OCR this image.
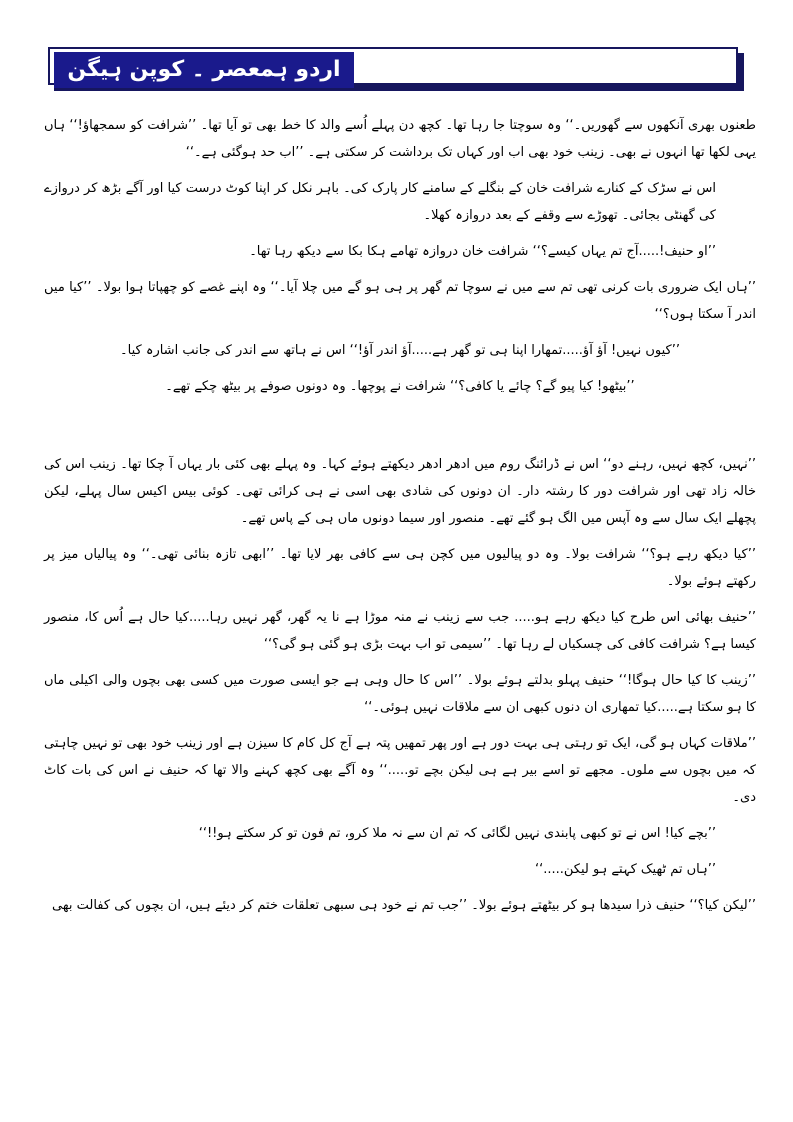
اردو ہمعصر ۔ کوپن ہیگن

طعنوں بھری آنکھوں سے گھوریں۔‘‘ وہ سوچتا جا رہا تھا۔ کچھ دن پہلے اُسے والد کا خط بھی تو آیا تھا۔ ’’شرافت کو سمجھاؤ!‘‘ ہاں یہی لکھا تھا انہوں نے بھی۔ زینب خود بھی اب اور کہاں تک برداشت کر سکتی ہے۔ ’’اب حد ہوگئی ہے۔‘‘

اس نے سڑک کے کنارے شرافت خان کے بنگلے کے سامنے کار پارک کی۔ باہر نکل کر اپنا کوٹ درست کیا اور آگے بڑھ کر دروازے کی گھنٹی بجائی۔ تھوڑے سے وقفے کے بعد دروازہ کھلا۔

’’او حنیف!.....آج تم یہاں کیسے؟‘‘ شرافت خان دروازہ تھامے ہکا بکا سے دیکھ رہا تھا۔

’’ہاں ایک ضروری بات کرنی تھی تم سے میں نے سوچا تم گھر پر ہی ہو گے میں چلا آیا۔‘‘ وہ اپنے غصے کو چھپاتا ہوا بولا۔ ’’کیا میں اندر آ سکتا ہوں؟‘‘

’’کیوں نہیں! آؤ آؤ.....تمھارا اپنا ہی تو گھر ہے.....آؤ اندر آؤ!‘‘ اس نے ہاتھ سے اندر کی جانب اشارہ کیا۔

’’بیٹھو! کیا پیو گے؟ چائے یا کافی؟‘‘ شرافت نے پوچھا۔ وہ دونوں صوفے پر بیٹھ چکے تھے۔

’’نہیں، کچھ نہیں، رہنے دو‘‘ اس نے ڈرائنگ روم میں ادھر ادھر دیکھتے ہوئے کہا۔ وہ پہلے بھی کئی بار یہاں آ چکا تھا۔ زینب اس کی خالہ زاد تھی اور شرافت دور کا رشتہ دار۔ ان دونوں کی شادی بھی اسی نے ہی کرائی تھی۔ کوئی بیس اکیس سال پہلے، لیکن پچھلے ایک سال سے وہ آپس میں الگ ہو گئے تھے۔ منصور اور سیما دونوں ماں ہی کے پاس تھے۔

’’کیا دیکھ رہے ہو؟‘‘ شرافت بولا۔ وہ دو پیالیوں میں کچن ہی سے کافی بھر لایا تھا۔ ’’ابھی تازہ بنائی تھی۔‘‘ وہ پیالیاں میز پر رکھتے ہوئے بولا۔

’’حنیف بھائی اس طرح کیا دیکھ رہے ہو..... جب سے زینب نے منہ موڑا ہے نا یہ گھر، گھر نہیں رہا.....کیا حال ہے اُس کا، منصور کیسا ہے؟ شرافت کافی کی چسکیاں لے رہا تھا۔ ’’سیمی تو اب بہت بڑی ہو گئی ہو گی؟‘‘

’’زینب کا کیا حال ہوگا!‘‘ حنیف پہلو بدلتے ہوئے بولا۔ ’’اس کا حال وہی ہے جو ایسی صورت میں کسی بھی بچوں والی اکیلی ماں کا ہو سکتا ہے.....کیا تمھاری ان دنوں کبھی ان سے ملاقات نہیں ہوئی۔‘‘

’’ملاقات کہاں ہو گی، ایک تو رہتی ہی بہت دور ہے اور پھر تمھیں پتہ ہے آج کل کام کا سیزن ہے اور زینب خود بھی تو نہیں چاہتی کہ میں بچوں سے ملوں۔ مجھے تو اسے بیر ہے ہی لیکن بچے تو.....‘‘ وہ آگے بھی کچھ کہنے والا تھا کہ حنیف نے اس کی بات کاٹ دی۔

’’بچے کیا! اس نے تو کبھی پابندی نہیں لگائی کہ تم ان سے نہ ملا کرو، تم فون تو کر سکتے ہو!!‘‘

’’ہاں تم ٹھیک کہتے ہو لیکن.....‘‘

’’لیکن کیا؟‘‘ حنیف ذرا سیدھا ہو کر بیٹھتے ہوئے بولا۔ ’’جب تم نے خود ہی سبھی تعلقات ختم کر دیئے ہیں، ان بچوں کی کفالت بھی
